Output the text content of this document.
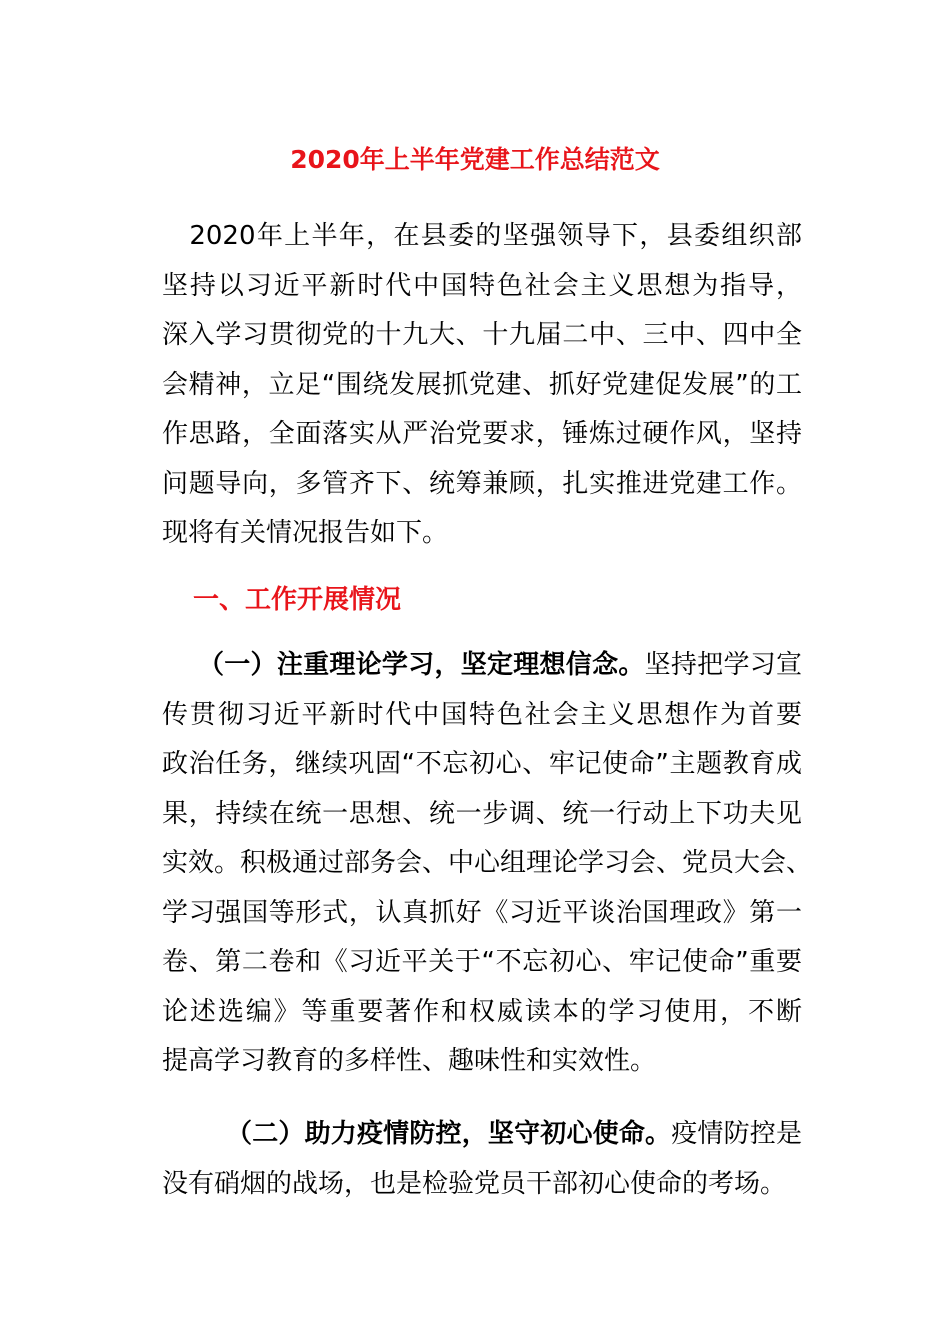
2020年上半年党建工作总结范文
　2020年上半年，在县委的坚强领导下，县委组织部
坚持以习近平新时代中国特色社会主义思想为指导，
深入学习贯彻党的十九大、十九届二中、三中、四中全
会精神，立足“围绕发展抓党建、抓好党建促发展”的工
作思路，全面落实从严治党要求，锤炼过硬作风，坚持
问题导向，多管齐下、统筹兼顾，扎实推进党建工作。
现将有关情况报告如下。
一、工作开展情况
（一）注重理论学习，坚定理想信念。坚持把学习宣
传贯彻习近平新时代中国特色社会主义思想作为首要
政治任务，继续巩固“不忘初心、牢记使命”主题教育成
果，持续在统一思想、统一步调、统一行动上下功夫见
实效。积极通过部务会、中心组理论学习会、党员大会、
学习强国等形式，认真抓好《习近平谈治国理政》第一
卷、第二卷和《习近平关于“不忘初心、牢记使命”重要
论述选编》等重要著作和权威读本的学习使用，不断
提高学习教育的多样性、趣味性和实效性。
（二）助力疫情防控，坚守初心使命。疫情防控是
没有硝烟的战场，也是检验党员干部初心使命的考场。
